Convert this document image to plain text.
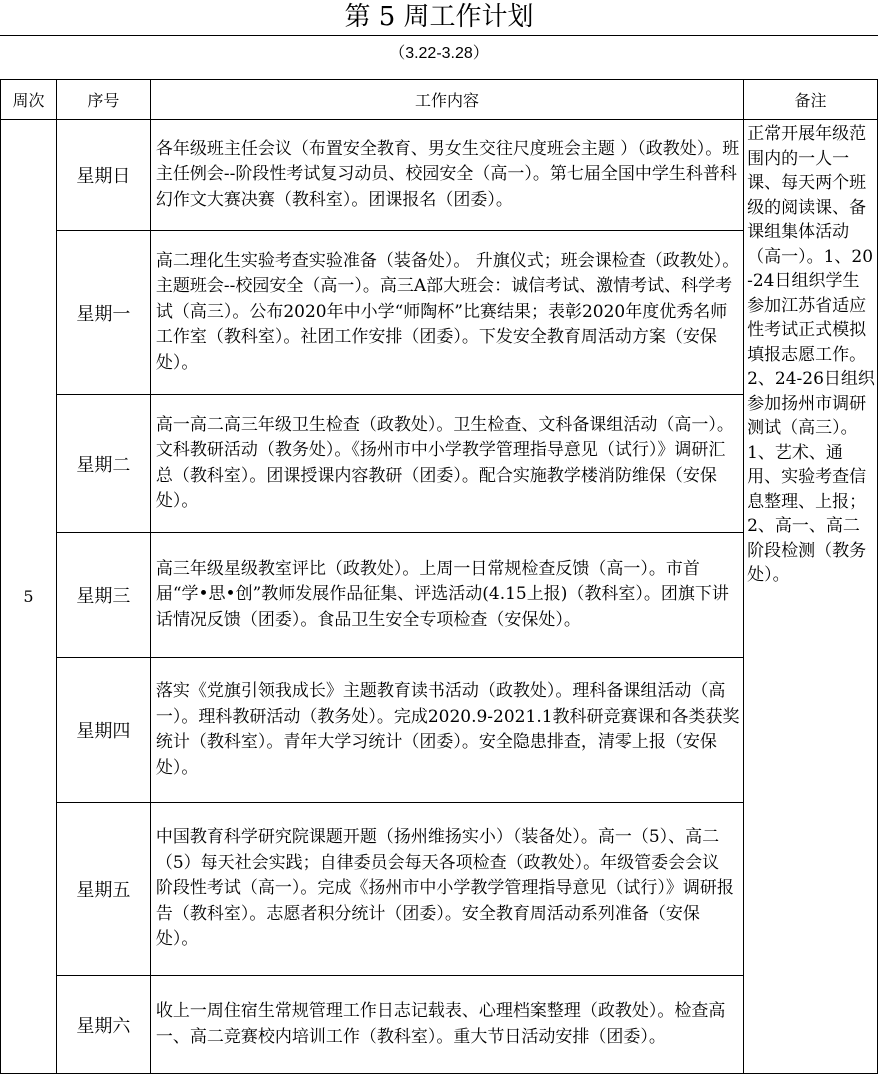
第 5 周工作计划
（3.22-3.28）
周次	序号	工作内容	备注
5	星期日	各年级班主任会议（布置安全教育、男女生交往尺度班会主题 ）（政教处）。班主任例会--阶段性考试复习动员、校园安全（高一）。第七届全国中学生科普科幻作文大赛决赛（教科室）。团课报名（团委）。	正常开展年级范围内的一人一课、每天两个班级的阅读课、备课组集体活动（高一）。1、20-24日组织学生参加江苏省适应性考试正式模拟填报志愿工作。2、24-26日组织参加扬州市调研测试（高三）。1、艺术、通用、实验考查信息整理、上报；2、高一、高二阶段检测（教务处）。
	星期一	高二理化生实验考查实验准备（装备处）。 升旗仪式；班会课检查（政教处）。主题班会--校园安全（高一）。高三A部大班会：诚信考试、激情考试、科学考试（高三）。公布2020年中小学“师陶杯”比赛结果；表彰2020年度优秀名师工作室（教科室）。社团工作安排（团委）。下发安全教育周活动方案（安保处）。	
	星期二	高一高二高三年级卫生检查（政教处）。卫生检查、文科备课组活动（高一）。文科教研活动（教务处）。《扬州市中小学教学管理指导意见（试行）》调研汇总（教科室）。团课授课内容教研（团委）。配合实施教学楼消防维保（安保处）。	
	星期三	高三年级星级教室评比（政教处）。上周一日常规检查反馈（高一）。市首届“学•思•创”教师发展作品征集、评选活动(4.15上报)（教科室）。团旗下讲话情况反馈（团委）。食品卫生安全专项检查（安保处）。	
	星期四	落实《党旗引领我成长》主题教育读书活动（政教处）。理科备课组活动（高一）。理科教研活动（教务处）。完成2020.9-2021.1教科研竞赛课和各类获奖统计（教科室）。青年大学习统计（团委）。安全隐患排查，清零上报（安保处）。	
	星期五	中国教育科学研究院课题开题（扬州维扬实小）（装备处）。高一（5）、高二（5）每天社会实践；自律委员会每天各项检查（政教处）。年级管委会会议 阶段性考试（高一）。完成《扬州市中小学教学管理指导意见（试行）》调研报告（教科室）。志愿者积分统计（团委）。安全教育周活动系列准备（安保处）。	
	星期六	收上一周住宿生常规管理工作日志记载表、心理档案整理（政教处）。检查高一、高二竞赛校内培训工作（教科室）。重大节日活动安排（团委）。	
